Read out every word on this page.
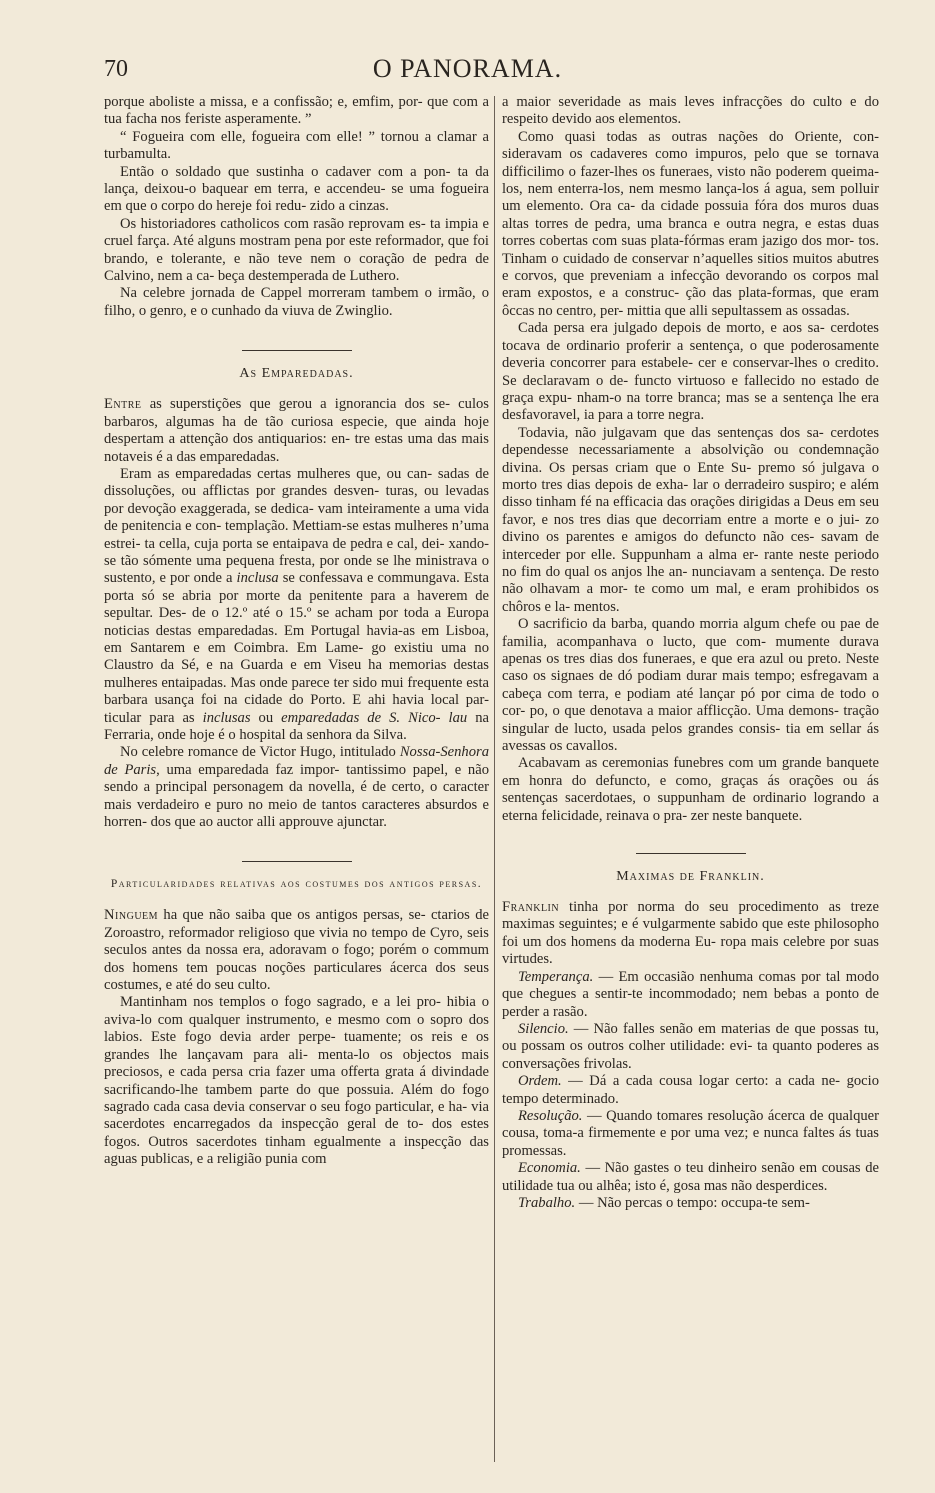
70	O PANORAMA.

porque aboliste a missa, e a confissão; e, emfim, por- que com a tua facha nos feriste asperamente. ”

“ Fogueira com elle, fogueira com elle! ” tornou a clamar a turbamulta.

Então o soldado que sustinha o cadaver com a pon- ta da lança, deixou-o baquear em terra, e accendeu- se uma fogueira em que o corpo do hereje foi redu- zido a cinzas.

Os historiadores catholicos com rasão reprovam es- ta impia e cruel farça. Até alguns mostram pena por este reformador, que foi brando, e tolerante, e não teve nem o coração de pedra de Calvino, nem a ca- beça destemperada de Luthero.

Na celebre jornada de Cappel morreram tambem o irmão, o filho, o genro, e o cunhado da viuva de Zwinglio.

As Emparedadas.

Entre as superstições que gerou a ignorancia dos se- culos barbaros, algumas ha de tão curiosa especie, que ainda hoje despertam a attenção dos antiquarios: en- tre estas uma das mais notaveis é a das emparedadas.

Eram as emparedadas certas mulheres que, ou can- sadas de dissoluções, ou afflictas por grandes desven- turas, ou levadas por devoção exaggerada, se dedica- vam inteiramente a uma vida de penitencia e con- templação. Mettiam-se estas mulheres n’uma estrei- ta cella, cuja porta se entaipava de pedra e cal, dei- xando-se tão sómente uma pequena fresta, por onde se lhe ministrava o sustento, e por onde a inclusa se confessava e commungava. Esta porta só se abria por morte da penitente para a haverem de sepultar. Des- de o 12.º até o 15.º se acham por toda a Europa noticias destas emparedadas. Em Portugal havia-as em Lisboa, em Santarem e em Coimbra. Em Lame- go existiu uma no Claustro da Sé, e na Guarda e em Viseu ha memorias destas mulheres entaipadas. Mas onde parece ter sido mui frequente esta barbara usança foi na cidade do Porto. E ahi havia local par- ticular para as inclusas ou emparedadas de S. Nico- lau na Ferraria, onde hoje é o hospital da senhora da Silva.

No celebre romance de Victor Hugo, intitulado Nossa-Senhora de Paris, uma emparedada faz impor- tantissimo papel, e não sendo a principal personagem da novella, é de certo, o caracter mais verdadeiro e puro no meio de tantos caracteres absurdos e horren- dos que ao auctor alli approuve ajunctar.

Particularidades relativas aos costumes dos antigos persas.

Ninguem ha que não saiba que os antigos persas, se- ctarios de Zoroastro, reformador religioso que vivia no tempo de Cyro, seis seculos antes da nossa era, adoravam o fogo; porém o commum dos homens tem poucas noções particulares ácerca dos seus costumes, e até do seu culto.

Mantinham nos templos o fogo sagrado, e a lei pro- hibia o aviva-lo com qualquer instrumento, e mesmo com o sopro dos labios. Este fogo devia arder perpe- tuamente; os reis e os grandes lhe lançavam para ali- menta-lo os objectos mais preciosos, e cada persa cria fazer uma offerta grata á divindade sacrificando-lhe tambem parte do que possuia. Além do fogo sagrado cada casa devia conservar o seu fogo particular, e ha- via sacerdotes encarregados da inspecção geral de to- dos estes fogos. Outros sacerdotes tinham egualmente a inspecção das aguas publicas, e a religião punia com

a maior severidade as mais leves infracções do culto e do respeito devido aos elementos.

Como quasi todas as outras nações do Oriente, con- sideravam os cadaveres como impuros, pelo que se tornava difficilimo o fazer-lhes os funeraes, visto não poderem queima-los, nem enterra-los, nem mesmo lança-los á agua, sem polluir um elemento. Ora ca- da cidade possuia fóra dos muros duas altas torres de pedra, uma branca e outra negra, e estas duas torres cobertas com suas plata-fórmas eram jazigo dos mor- tos. Tinham o cuidado de conservar n’aquelles sitios muitos abutres e corvos, que preveniam a infecção devorando os corpos mal eram expostos, e a construc- ção das plata-formas, que eram ôccas no centro, per- mittia que alli sepultassem as ossadas.

Cada persa era julgado depois de morto, e aos sa- cerdotes tocava de ordinario proferir a sentença, o que poderosamente deveria concorrer para estabele- cer e conservar-lhes o credito. Se declaravam o de- functo virtuoso e fallecido no estado de graça expu- nham-o na torre branca; mas se a sentença lhe era desfavoravel, ia para a torre negra.

Todavia, não julgavam que das sentenças dos sa- cerdotes dependesse necessariamente a absolvição ou condemnação divina. Os persas criam que o Ente Su- premo só julgava o morto tres dias depois de exha- lar o derradeiro suspiro; e além disso tinham fé na efficacia das orações dirigidas a Deus em seu favor, e nos tres dias que decorriam entre a morte e o jui- zo divino os parentes e amigos do defuncto não ces- savam de interceder por elle. Suppunham a alma er- rante neste periodo no fim do qual os anjos lhe an- nunciavam a sentença. De resto não olhavam a mor- te como um mal, e eram prohibidos os chôros e la- mentos.

O sacrificio da barba, quando morria algum chefe ou pae de familia, acompanhava o lucto, que com- mumente durava apenas os tres dias dos funeraes, e que era azul ou preto. Neste caso os signaes de dó podiam durar mais tempo; esfregavam a cabeça com terra, e podiam até lançar pó por cima de todo o cor- po, o que denotava a maior afflicção. Uma demons- tração singular de lucto, usada pelos grandes consis- tia em sellar ás avessas os cavallos.

Acabavam as ceremonias funebres com um grande banquete em honra do defuncto, e como, graças ás orações ou ás sentenças sacerdotaes, o suppunham de ordinario logrando a eterna felicidade, reinava o pra- zer neste banquete.

Maximas de Franklin.

Franklin tinha por norma do seu procedimento as treze maximas seguintes; e é vulgarmente sabido que este philosopho foi um dos homens da moderna Eu- ropa mais celebre por suas virtudes.

Temperança. — Em occasião nenhuma comas por tal modo que chegues a sentir-te incommodado; nem bebas a ponto de perder a rasão.

Silencio. — Não falles senão em materias de que possas tu, ou possam os outros colher utilidade: evi- ta quanto poderes as conversações frivolas.

Ordem. — Dá a cada cousa logar certo: a cada ne- gocio tempo determinado.

Resolução. — Quando tomares resolução ácerca de qualquer cousa, toma-a firmemente e por uma vez; e nunca faltes ás tuas promessas.

Economia. — Não gastes o teu dinheiro senão em cousas de utilidade tua ou alhêa; isto é, gosa mas não desperdices.

Trabalho. — Não percas o tempo: occupa-te sem-
